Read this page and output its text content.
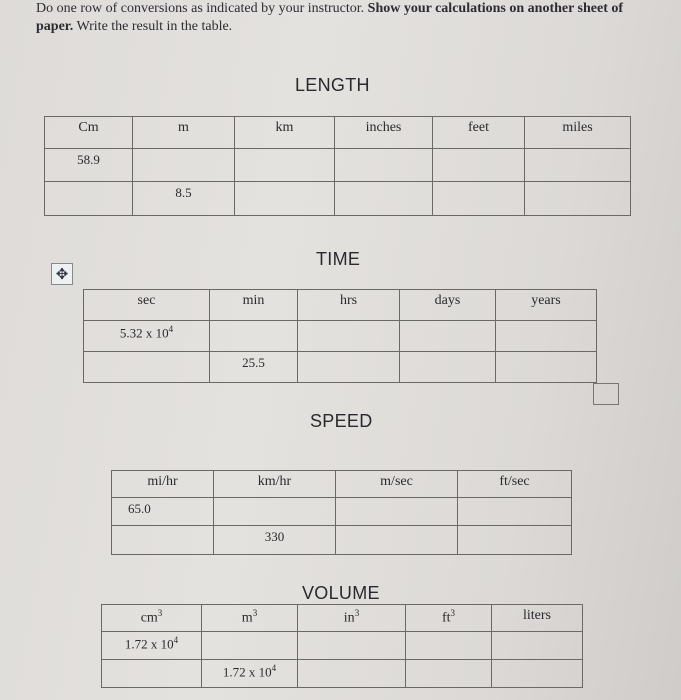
Do one row of conversions as indicated by your instructor. Show your calculations on another sheet of paper. Write the result in the table.
LENGTH
Cm	m	km	inches	feet	miles
58.9					
	8.5				
TIME
✥
sec	min	hrs	days	years
5.32 x $10^4$				
	25.5			
SPEED
mi/hr	km/hr	m/sec	ft/sec
65.0			
	330		
VOLUME
$cm^3$	$m^3$	$in^3$	$ft^3$	liters
1.72 x $10^4$				
	1.72 x $10^4$			
